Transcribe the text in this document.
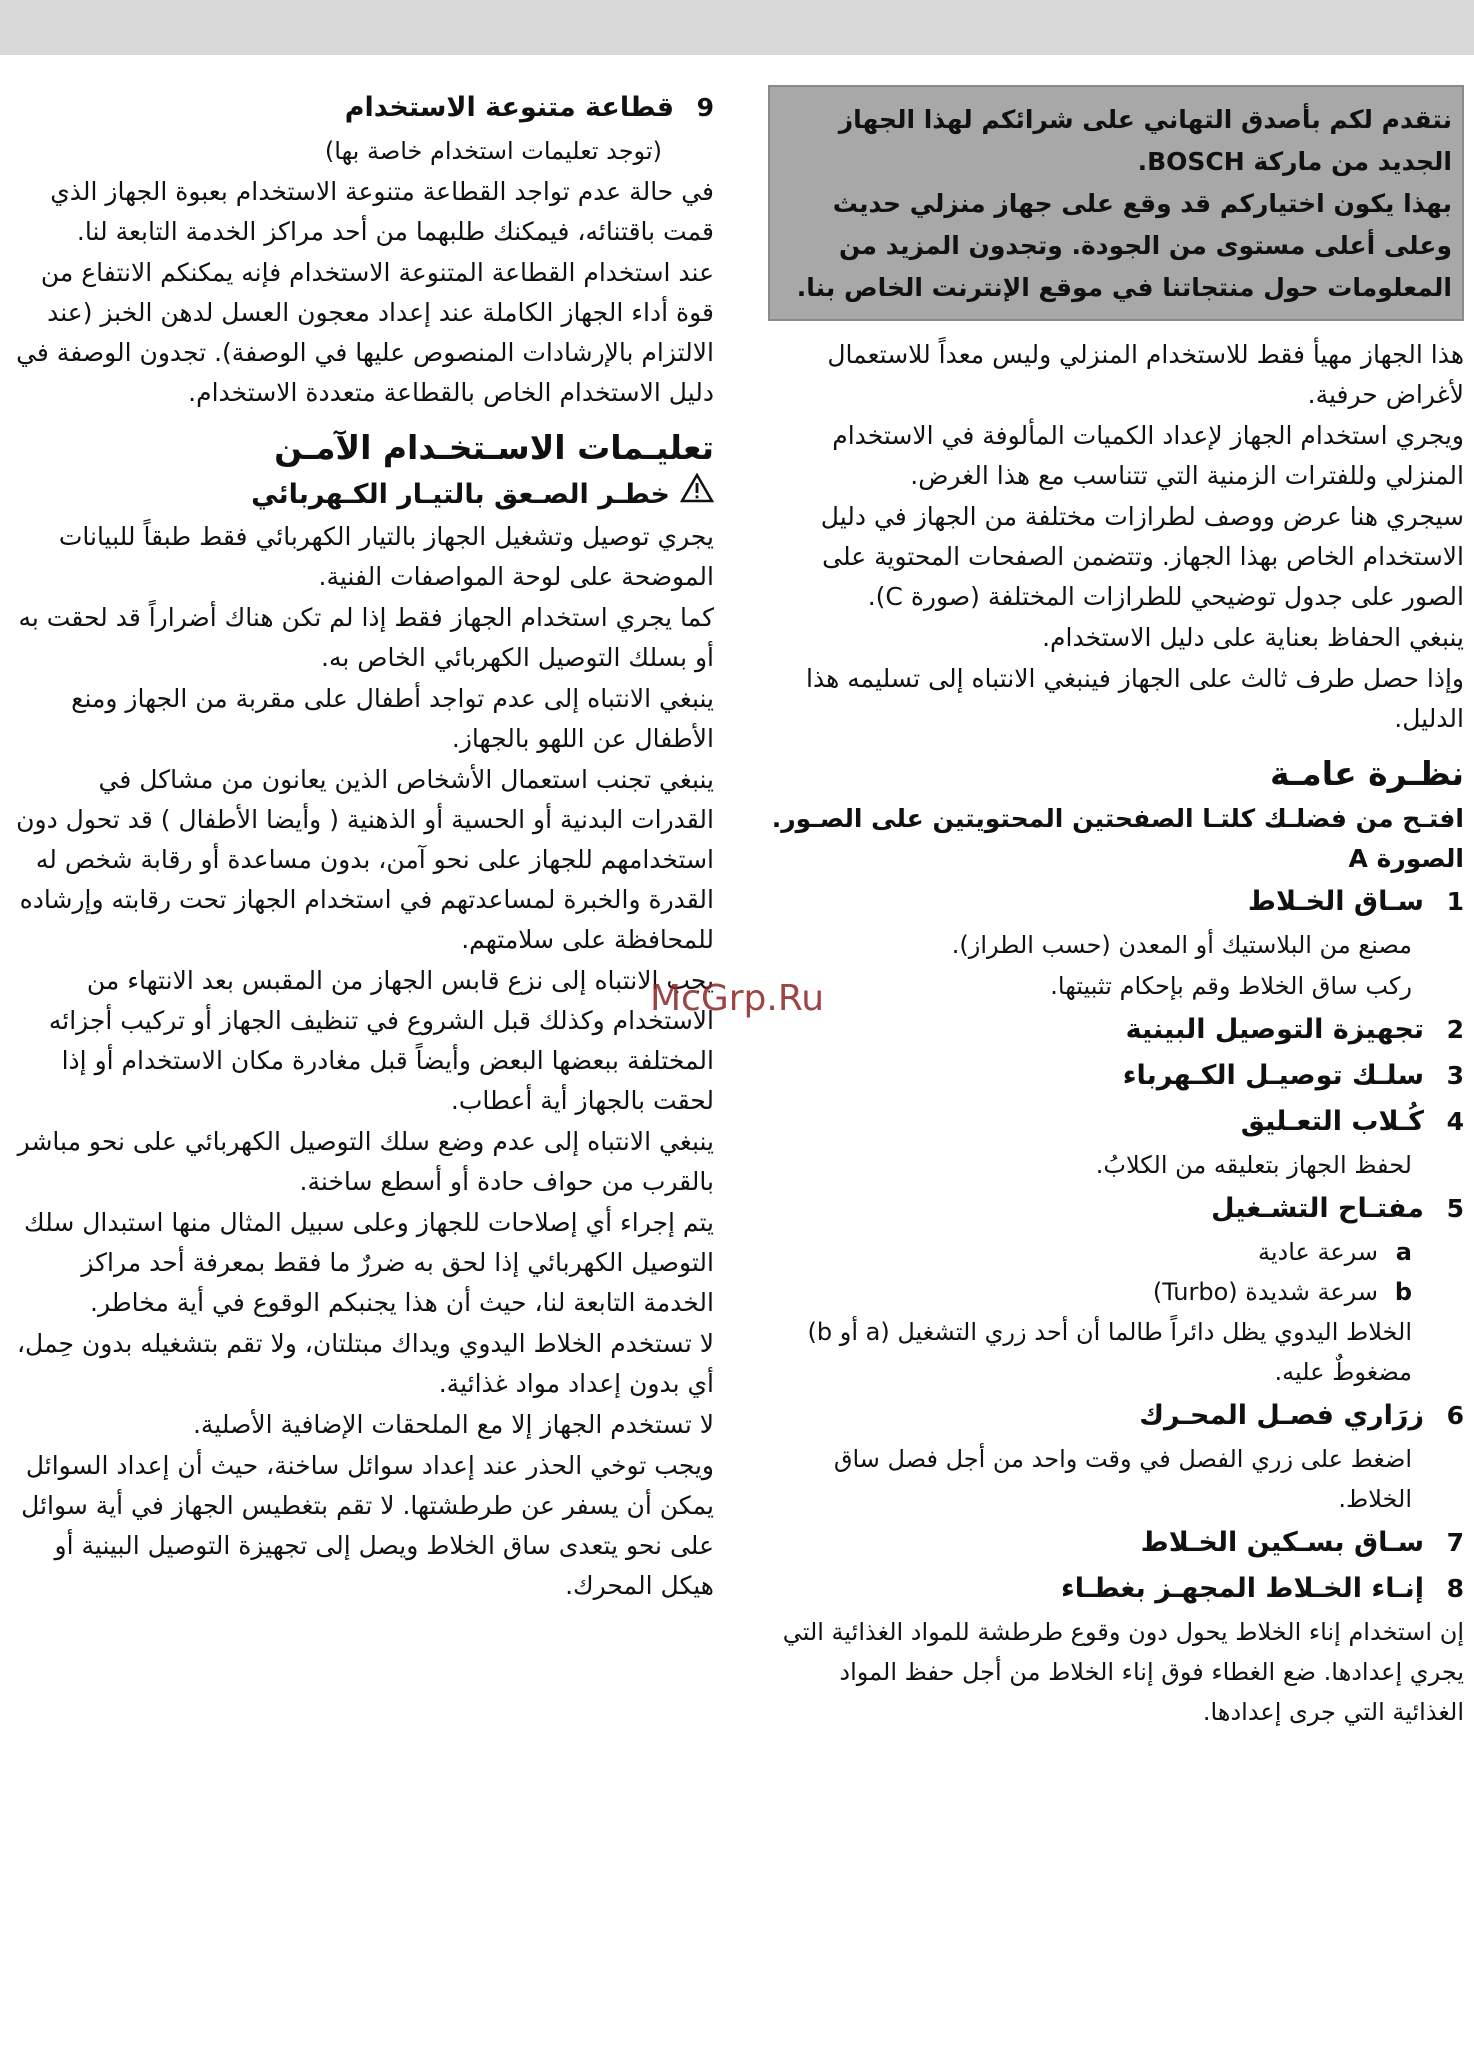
نتقدم لكم بأصدق التهاني على شرائكم لهذا الجهاز الجديد من ماركة BOSCH.

بهذا يكون اختياركم قد وقع على جهاز منزلي حديث وعلى أعلى مستوى من الجودة. وتجدون المزيد من المعلومات حول منتجاتنا في موقع الإنترنت الخاص بنا.

هذا الجهاز مهيأ فقط للاستخدام المنزلي وليس معداً للاستعمال لأغراض حرفية.

ويجري استخدام الجهاز لإعداد الكميات المألوفة في الاستخدام المنزلي وللفترات الزمنية التي تتناسب مع هذا الغرض.

سيجري هنا عرض ووصف لطرازات مختلفة من الجهاز في دليل الاستخدام الخاص بهذا الجهاز. وتتضمن الصفحات المحتوية على الصور على جدول توضيحي للطرازات المختلفة (صورة C).

ينبغي الحفاظ بعناية على دليل الاستخدام.

وإذا حصل طرف ثالث على الجهاز فينبغي الانتباه إلى تسليمه هذا الدليل.

نظـرة عامـة
افتـح من فضلـك كلتـا الصفحتين المحتويتين على الصـور.
الصورة A
1
سـاق الخـلاط

مصنع من البلاستيك أو المعدن (حسب الطراز).

ركب ساق الخلاط وقم بإحكام تثبيتها.

2
تجهيزة التوصيل البينية
3
سلـك توصيـل الكـهرباء
4
كُـلاب التعـليق

لحفظ الجهاز بتعليقه من الكلابُ.

5
مفتـاح التشـغيل
a
سرعة عادية
b
سرعة شديدة (Turbo)

الخلاط اليدوي يظل دائراً طالما أن أحد زري التشغيل (a أو b) مضغوطٌ عليه.

6
زرَاري فصـل المحـرك

اضغط على زري الفصل في وقت واحد من أجل فصل ساق الخلاط.

7
سـاق بسـكين الخـلاط
8
إنـاء الخـلاط المجهـز بغطـاء

إن استخدام إناء الخلاط يحول دون وقوع طرطشة للمواد الغذائية التي يجري إعدادها. ضع الغطاء فوق إناء الخلاط من أجل حفظ المواد الغذائية التي جرى إعدادها.

9
قطاعة متنوعة الاستخدام

(توجد تعليمات استخدام خاصة بها)

في حالة عدم تواجد القطاعة متنوعة الاستخدام بعبوة الجهاز الذي قمت باقتنائه، فيمكنك طلبهما من أحد مراكز الخدمة التابعة لنا.

عند استخدام القطاعة المتنوعة الاستخدام فإنه يمكنكم الانتفاع من قوة أداء الجهاز الكاملة عند إعداد معجون العسل لدهن الخبز (عند الالتزام بالإرشادات المنصوص عليها في الوصفة). تجدون الوصفة في دليل الاستخدام الخاص بالقطاعة متعددة الاستخدام.

تعليـمات الاسـتخـدام الآمـن
خطـر الصـعق بالتيـار الكـهربائي

يجري توصيل وتشغيل الجهاز بالتيار الكهربائي فقط طبقاً للبيانات الموضحة على لوحة المواصفات الفنية.

كما يجري استخدام الجهاز فقط إذا لم تكن هناك أضراراً قد لحقت به أو بسلك التوصيل الكهربائي الخاص به.

ينبغي الانتباه إلى عدم تواجد أطفال على مقربة من الجهاز ومنع الأطفال عن اللهو بالجهاز.

ينبغي تجنب استعمال الأشخاص الذين يعانون من مشاكل في القدرات البدنية أو الحسية أو الذهنية ( وأيضا الأطفال ) قد تحول دون استخدامهم للجهاز على نحو آمن، بدون مساعدة أو رقابة شخص له القدرة والخبرة لمساعدتهم في استخدام الجهاز تحت رقابته وإرشاده للمحافظة على سلامتهم.

يجب الانتباه إلى نزع قابس الجهاز من المقبس بعد الانتهاء من الاستخدام وكذلك قبل الشروع في تنظيف الجهاز أو تركيب أجزائه المختلفة ببعضها البعض وأيضاً قبل مغادرة مكان الاستخدام أو إذا لحقت بالجهاز أية أعطاب.

ينبغي الانتباه إلى عدم وضع سلك التوصيل الكهربائي على نحو مباشر بالقرب من حواف حادة أو أسطع ساخنة.

يتم إجراء أي إصلاحات للجهاز وعلى سبيل المثال منها استبدال سلك التوصيل الكهربائي إذا لحق به ضررٌ ما فقط بمعرفة أحد مراكز الخدمة التابعة لنا، حيث أن هذا يجنبكم الوقوع في أية مخاطر.

لا تستخدم الخلاط اليدوي ويداك مبتلتان، ولا تقم بتشغيله بدون حِمل، أي بدون إعداد مواد غذائية.

لا تستخدم الجهاز إلا مع الملحقات الإضافية الأصلية.

ويجب توخي الحذر عند إعداد سوائل ساخنة، حيث أن إعداد السوائل يمكن أن يسفر عن طرطشتها. لا تقم بتغطيس الجهاز في أية سوائل على نحو يتعدى ساق الخلاط ويصل إلى تجهيزة التوصيل البينية أو هيكل المحرك.

McGrp.Ru
